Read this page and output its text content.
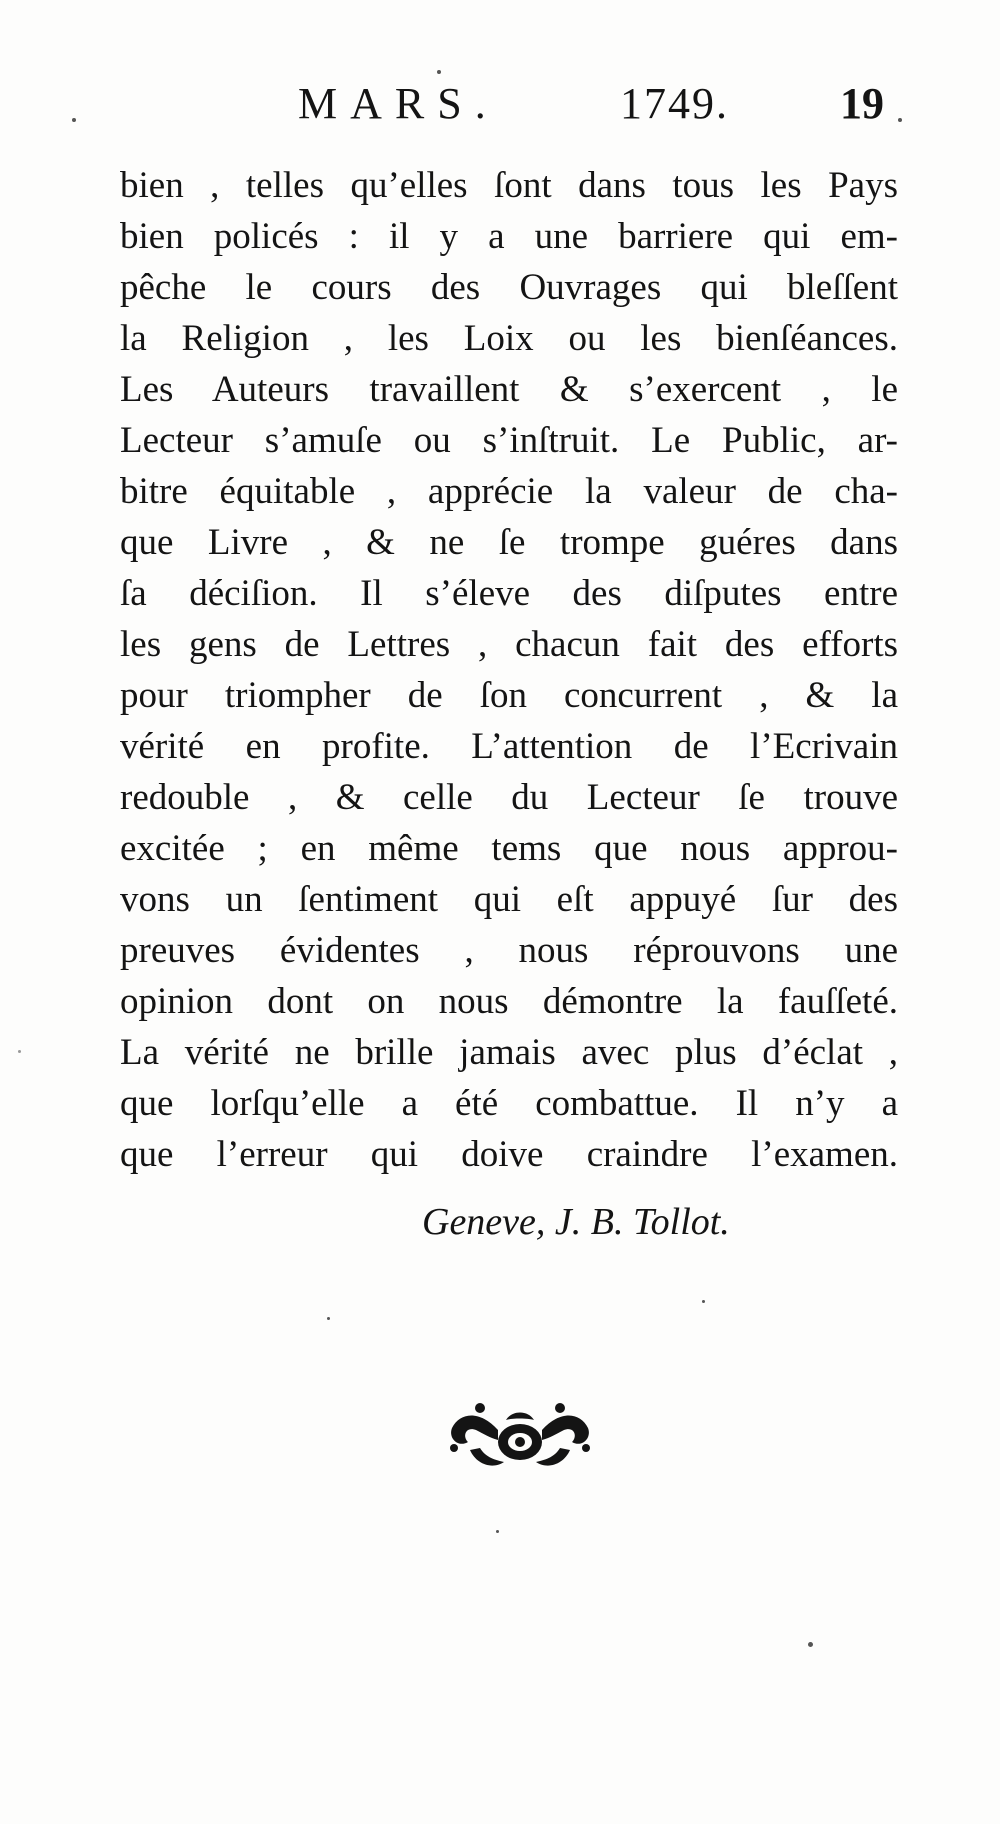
MARS.	1749.	19
bien , telles qu’elles ſont dans tous les Pays
bien policés : il y a une barriere qui em-
pêche le cours des Ouvrages qui bleſſent
la Religion , les Loix ou les bienſéances.
Les Auteurs travaillent & s’exercent , le
Lecteur s’amuſe ou s’inſtruit. Le Public, ar-
bitre équitable , apprécie la valeur de cha-
que Livre , & ne ſe trompe guéres dans
ſa déciſion. Il s’éleve des diſputes entre
les gens de Lettres , chacun fait des efforts
pour triompher de ſon concurrent , & la
vérité en profite. L’attention de l’Ecrivain
redouble , & celle du Lecteur ſe trouve
excitée ; en même tems que nous approu-
vons un ſentiment qui eſt appuyé ſur des
preuves évidentes , nous réprouvons une
opinion dont on nous démontre la fauſſeté.
La vérité ne brille jamais avec plus d’éclat ,
que lorſqu’elle a été combattue. Il n’y a
que l’erreur qui doive craindre l’examen.
Geneve, J. B. Tollot.
